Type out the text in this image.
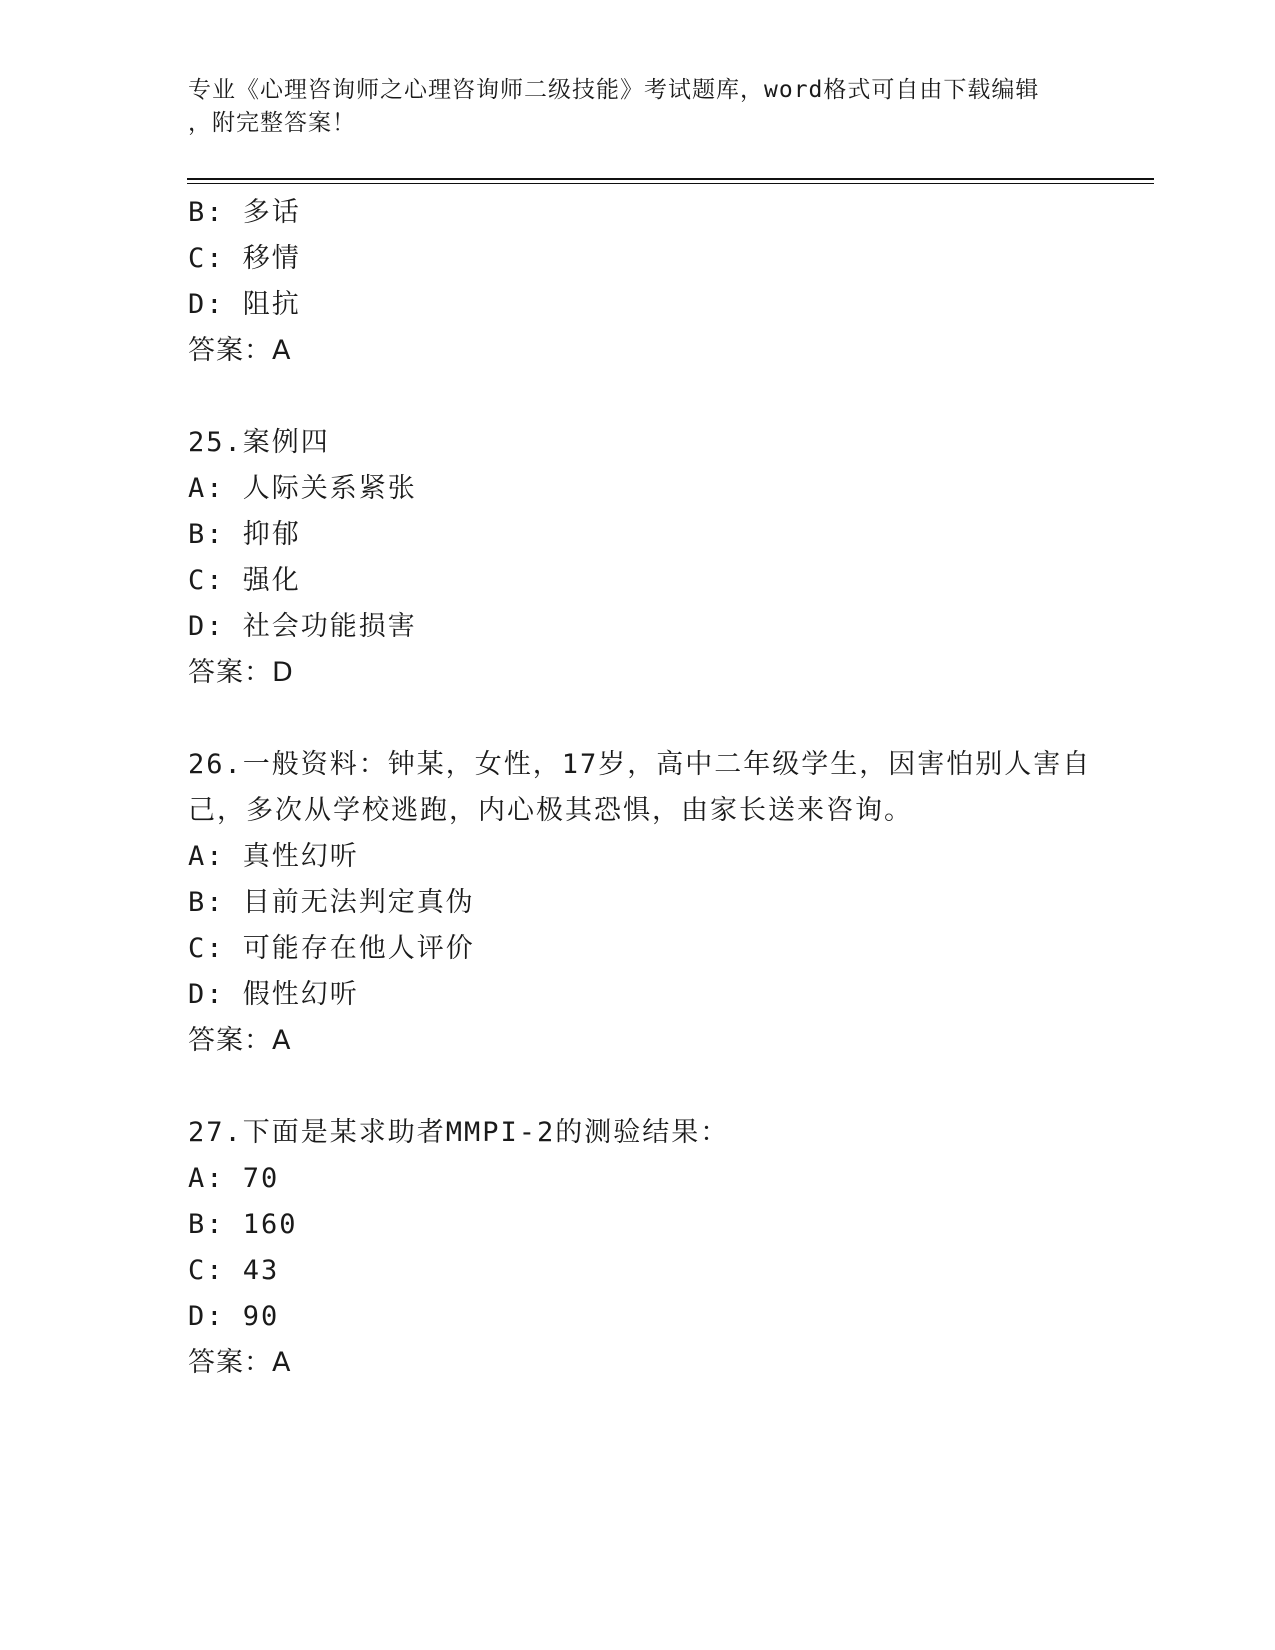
专业《心理咨询师之心理咨询师二级技能》考试题库，word格式可自由下载编辑
，附完整答案！
B: 多话
C: 移情
D: 阻抗
答案：A
25.案例四
A: 人际关系紧张
B: 抑郁
C: 强化
D: 社会功能损害
答案：D
26.一般资料：钟某，女性，17岁，高中二年级学生，因害怕别人害自
己，多次从学校逃跑，内心极其恐惧，由家长送来咨询。
A: 真性幻听
B: 目前无法判定真伪
C: 可能存在他人评价
D: 假性幻听
答案：A
27.下面是某求助者MMPI-2的测验结果：
A: 70
B: 160
C: 43
D: 90
答案：A
